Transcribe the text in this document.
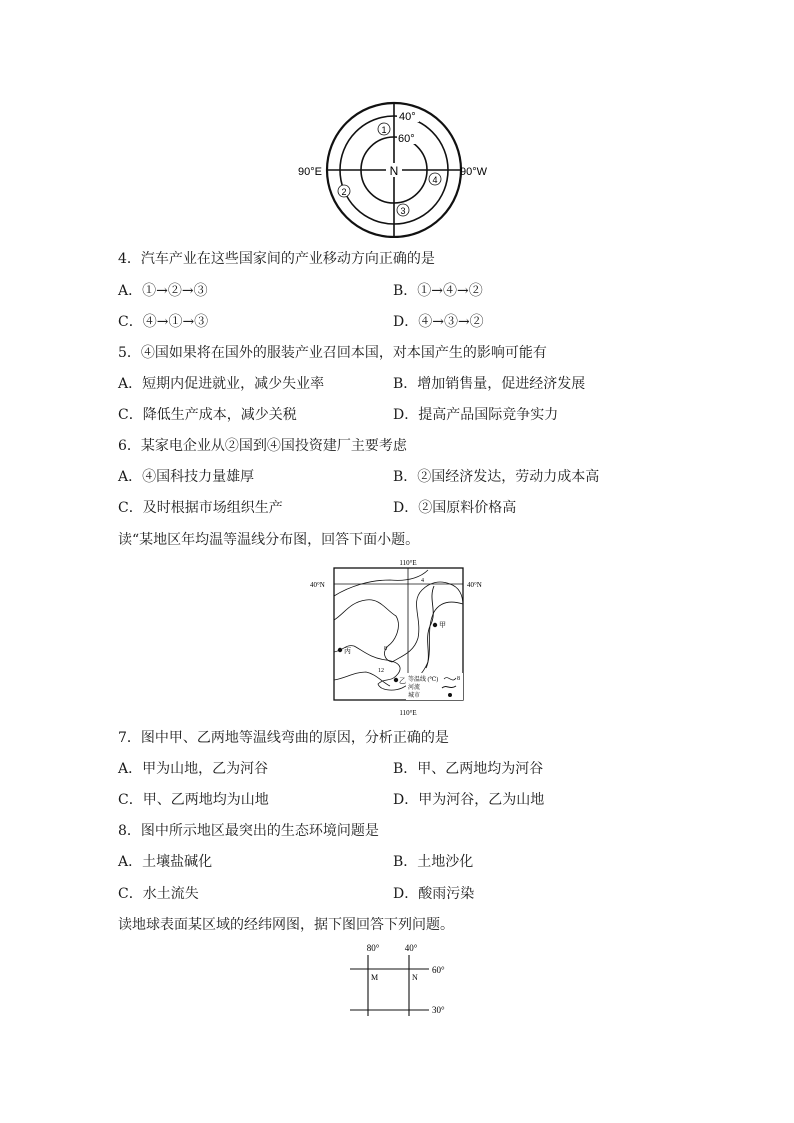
N
40°
60°
90°E	90°W
1
2
3
4
4．汽车产业在这些国家间的产业移动方向正确的是
A．①→②→③	B．①→④→②
C．④→①→③	D．④→③→②
5．④国如果将在国外的服装产业召回本国，对本国产生的影响可能有
A．短期内促进就业，减少失业率	B．增加销售量，促进经济发展
C．降低生产成本，减少关税	D．提高产品国际竞争实力
6．某家电企业从②国到④国投资建厂主要考虑
A．④国科技力量雄厚	B．②国经济发达，劳动力成本高
C．及时根据市场组织生产	D．②国原料价格高
读“某地区年均温等温线分布图，回答下面小题。
110°E
40°N	40°N
110°E
4
8
12
甲
丙
乙 等温线 (℃)	8
河流
城市
7．图中甲、乙两地等温线弯曲的原因，分析正确的是
A．甲为山地，乙为河谷	B．甲、乙两地均为河谷
C．甲、乙两地均为山地	D．甲为河谷，乙为山地
8．图中所示地区最突出的生态环境问题是
A．土壤盐碱化	B．土地沙化
C．水土流失	D．酸雨污染
读地球表面某区域的经纬网图，据下图回答下列问题。
80°	40°
60°
30°
M	N
